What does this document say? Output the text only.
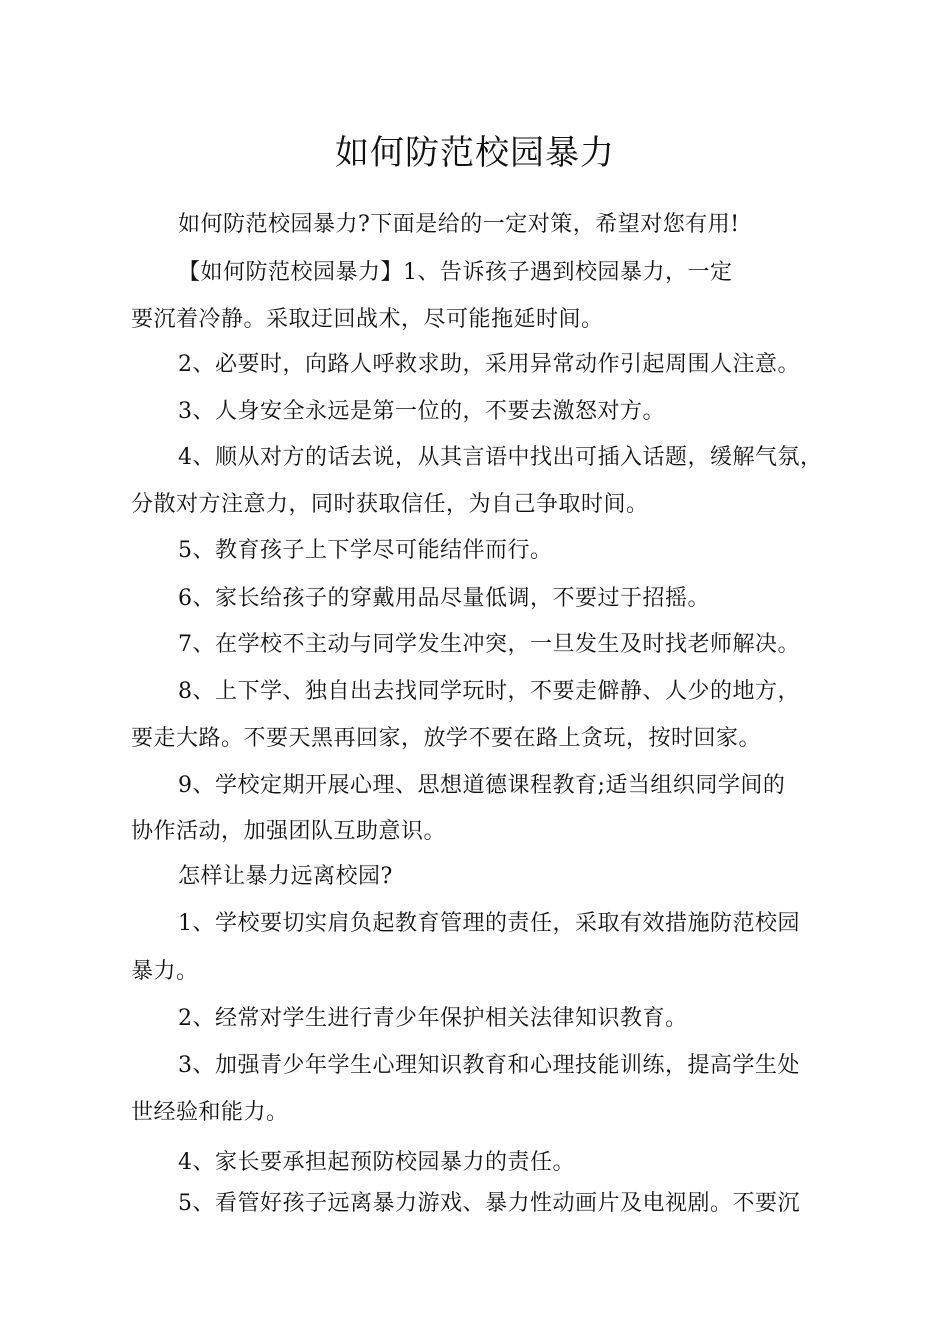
如何防范校园暴力
如何防范校园暴力?下面是给的一定对策，希望对您有用!
【如何防范校园暴力】1、告诉孩子遇到校园暴力，一定
要沉着冷静。采取迂回战术，尽可能拖延时间。
2、必要时，向路人呼救求助，采用异常动作引起周围人注意。
3、人身安全永远是第一位的，不要去激怒对方。
4、顺从对方的话去说，从其言语中找出可插入话题，缓解气氛，
分散对方注意力，同时获取信任，为自己争取时间。
5、教育孩子上下学尽可能结伴而行。
6、家长给孩子的穿戴用品尽量低调，不要过于招摇。
7、在学校不主动与同学发生冲突，一旦发生及时找老师解决。
8、上下学、独自出去找同学玩时，不要走僻静、人少的地方，
要走大路。不要天黑再回家，放学不要在路上贪玩，按时回家。
9、学校定期开展心理、思想道德课程教育;适当组织同学间的
协作活动，加强团队互助意识。
怎样让暴力远离校园?
1、学校要切实肩负起教育管理的责任，采取有效措施防范校园
暴力。
2、经常对学生进行青少年保护相关法律知识教育。
3、加强青少年学生心理知识教育和心理技能训练，提高学生处
世经验和能力。
4、家长要承担起预防校园暴力的责任。
5、看管好孩子远离暴力游戏、暴力性动画片及电视剧。不要沉
